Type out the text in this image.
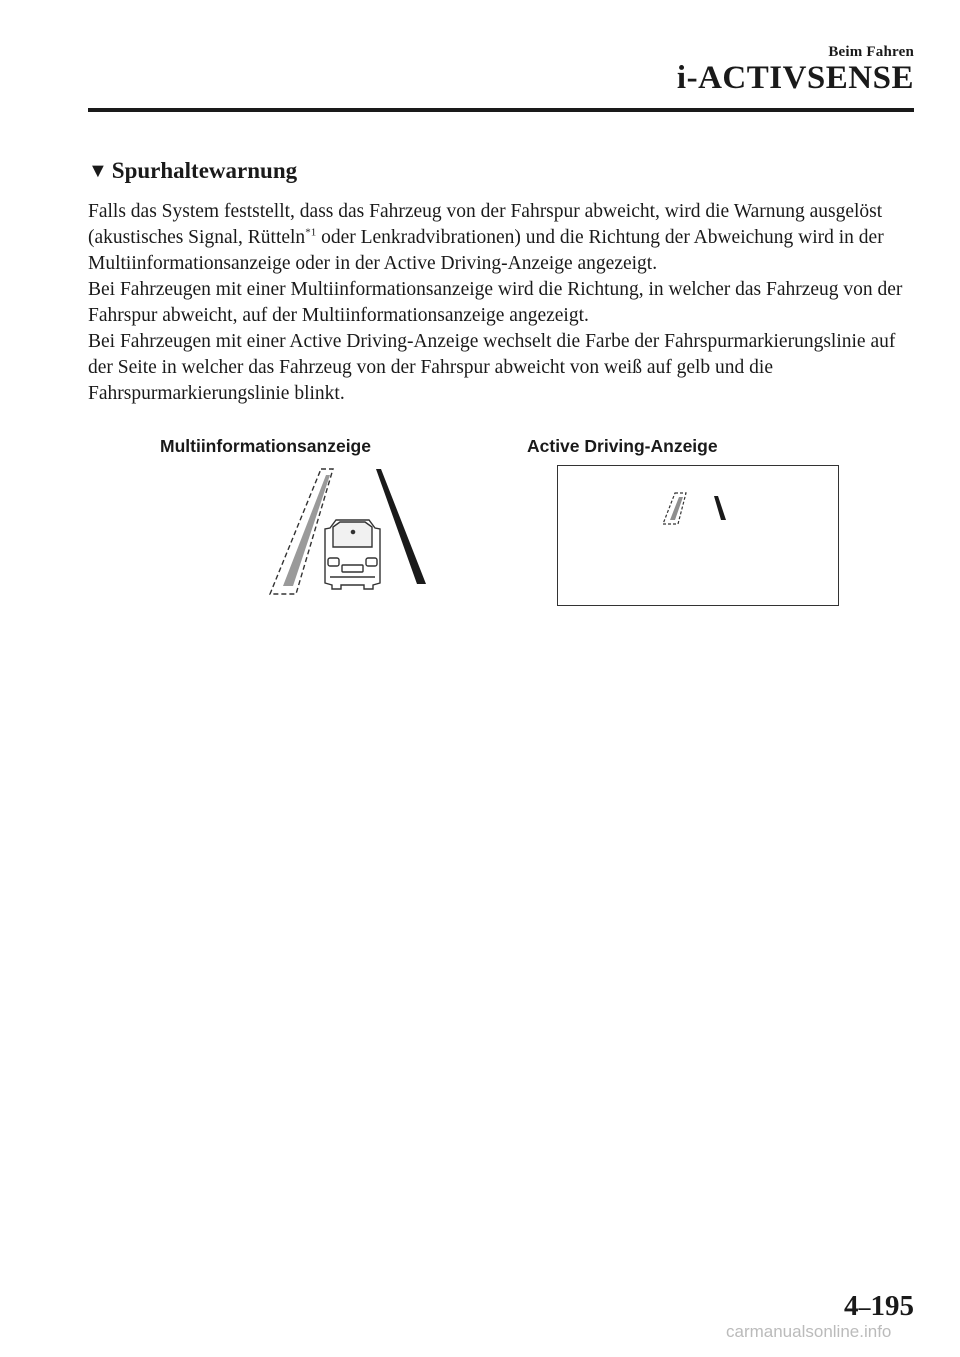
Beim Fahren
i-ACTIVSENSE
▼ Spurhaltewarnung

Falls das System feststellt, dass das Fahrzeug von der Fahrspur abweicht, wird die Warnung ausgelöst (akustisches Signal, Rütteln$^{*1}$ oder Lenkradvibrationen) und die Richtung der Abweichung wird in der Multiinformationsanzeige oder in der Active Driving-Anzeige angezeigt.

Bei Fahrzeugen mit einer Multiinformationsanzeige wird die Richtung, in welcher das Fahrzeug von der Fahrspur abweicht, auf der Multiinformationsanzeige angezeigt.

Bei Fahrzeugen mit einer Active Driving-Anzeige wechselt die Farbe der Fahrspurmarkierungslinie auf der Seite in welcher das Fahrzeug von der Fahrspur abweicht von weiß auf gelb und die Fahrspurmarkierungslinie blinkt.

Multiinformationsanzeige	Active Driving-Anzeige
4–195
carmanualsonline.info
